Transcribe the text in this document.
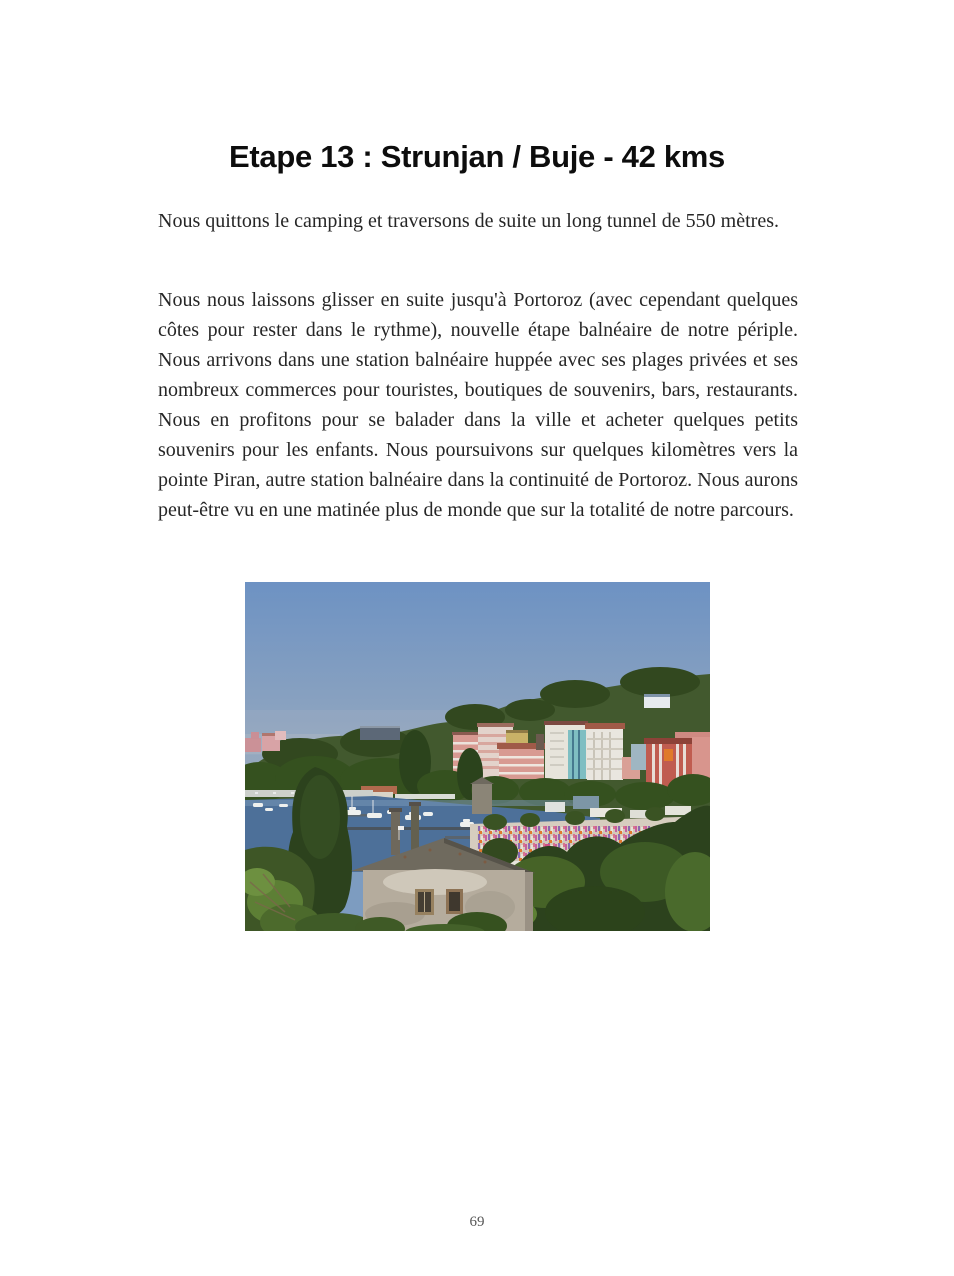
Etape 13 : Strunjan / Buje - 42 kms

Nous quittons le camping et traversons de suite un long tunnel de 550 mètres.

Nous nous laissons glisser en suite jusqu'à Portoroz (avec cependant quelques côtes pour rester dans le rythme), nouvelle étape balnéaire de notre périple. Nous arrivons dans une station balnéaire huppée avec ses plages privées et ses nombreux commerces pour touristes, boutiques de souvenirs, bars, restaurants. Nous en profitons pour se balader dans la ville et acheter quelques petits souvenirs pour les enfants. Nous poursuivons sur quelques kilomètres vers la pointe Piran, autre station balnéaire dans la continuité de Portoroz. Nous aurons peut-être vu en une matinée plus de monde que sur la totalité de notre parcours.

69
